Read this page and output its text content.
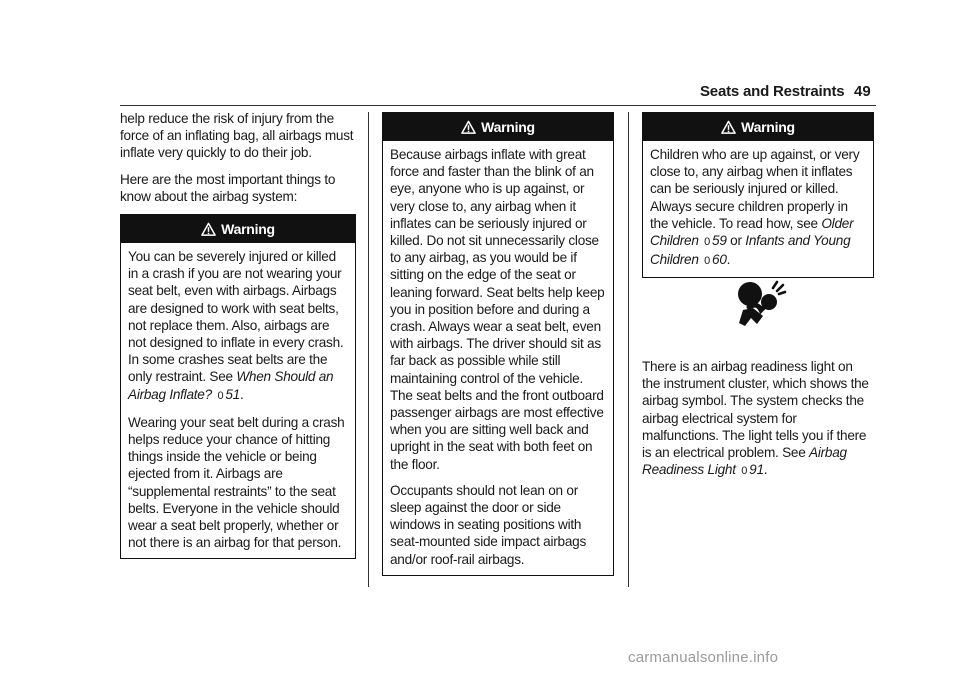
Seats and Restraints 49

help reduce the risk of injury from the force of an inflating bag, all airbags must inflate very quickly to do their job.

Here are the most important things to know about the airbag system:

Warning

You can be severely injured or killed in a crash if you are not wearing your seat belt, even with airbags. Airbags are designed to work with seat belts, not replace them. Also, airbags are not designed to inflate in every crash. In some crashes seat belts are the only restraint. See When Should an Airbag Inflate? 0 51.

Wearing your seat belt during a crash helps reduce your chance of hitting things inside the vehicle or being ejected from it. Airbags are “supplemental restraints” to the seat belts. Everyone in the vehicle should wear a seat belt properly, whether or not there is an airbag for that person.

Warning

Because airbags inflate with great force and faster than the blink of an eye, anyone who is up against, or very close to, any airbag when it inflates can be seriously injured or killed. Do not sit unnecessarily close to any airbag, as you would be if sitting on the edge of the seat or leaning forward. Seat belts help keep you in position before and during a crash. Always wear a seat belt, even with airbags. The driver should sit as far back as possible while still maintaining control of the vehicle. The seat belts and the front outboard passenger airbags are most effective when you are sitting well back and upright in the seat with both feet on the floor.

Occupants should not lean on or sleep against the door or side windows in seating positions with seat-mounted side impact airbags and/or roof-rail airbags.

Warning

Children who are up against, or very close to, any airbag when it inflates can be seriously injured or killed. Always secure children properly in the vehicle. To read how, see Older Children 0 59 or Infants and Young Children 0 60.

There is an airbag readiness light on the instrument cluster, which shows the airbag symbol. The system checks the airbag electrical system for malfunctions. The light tells you if there is an electrical problem. See Airbag Readiness Light 0 91.

carmanualsonline.info
